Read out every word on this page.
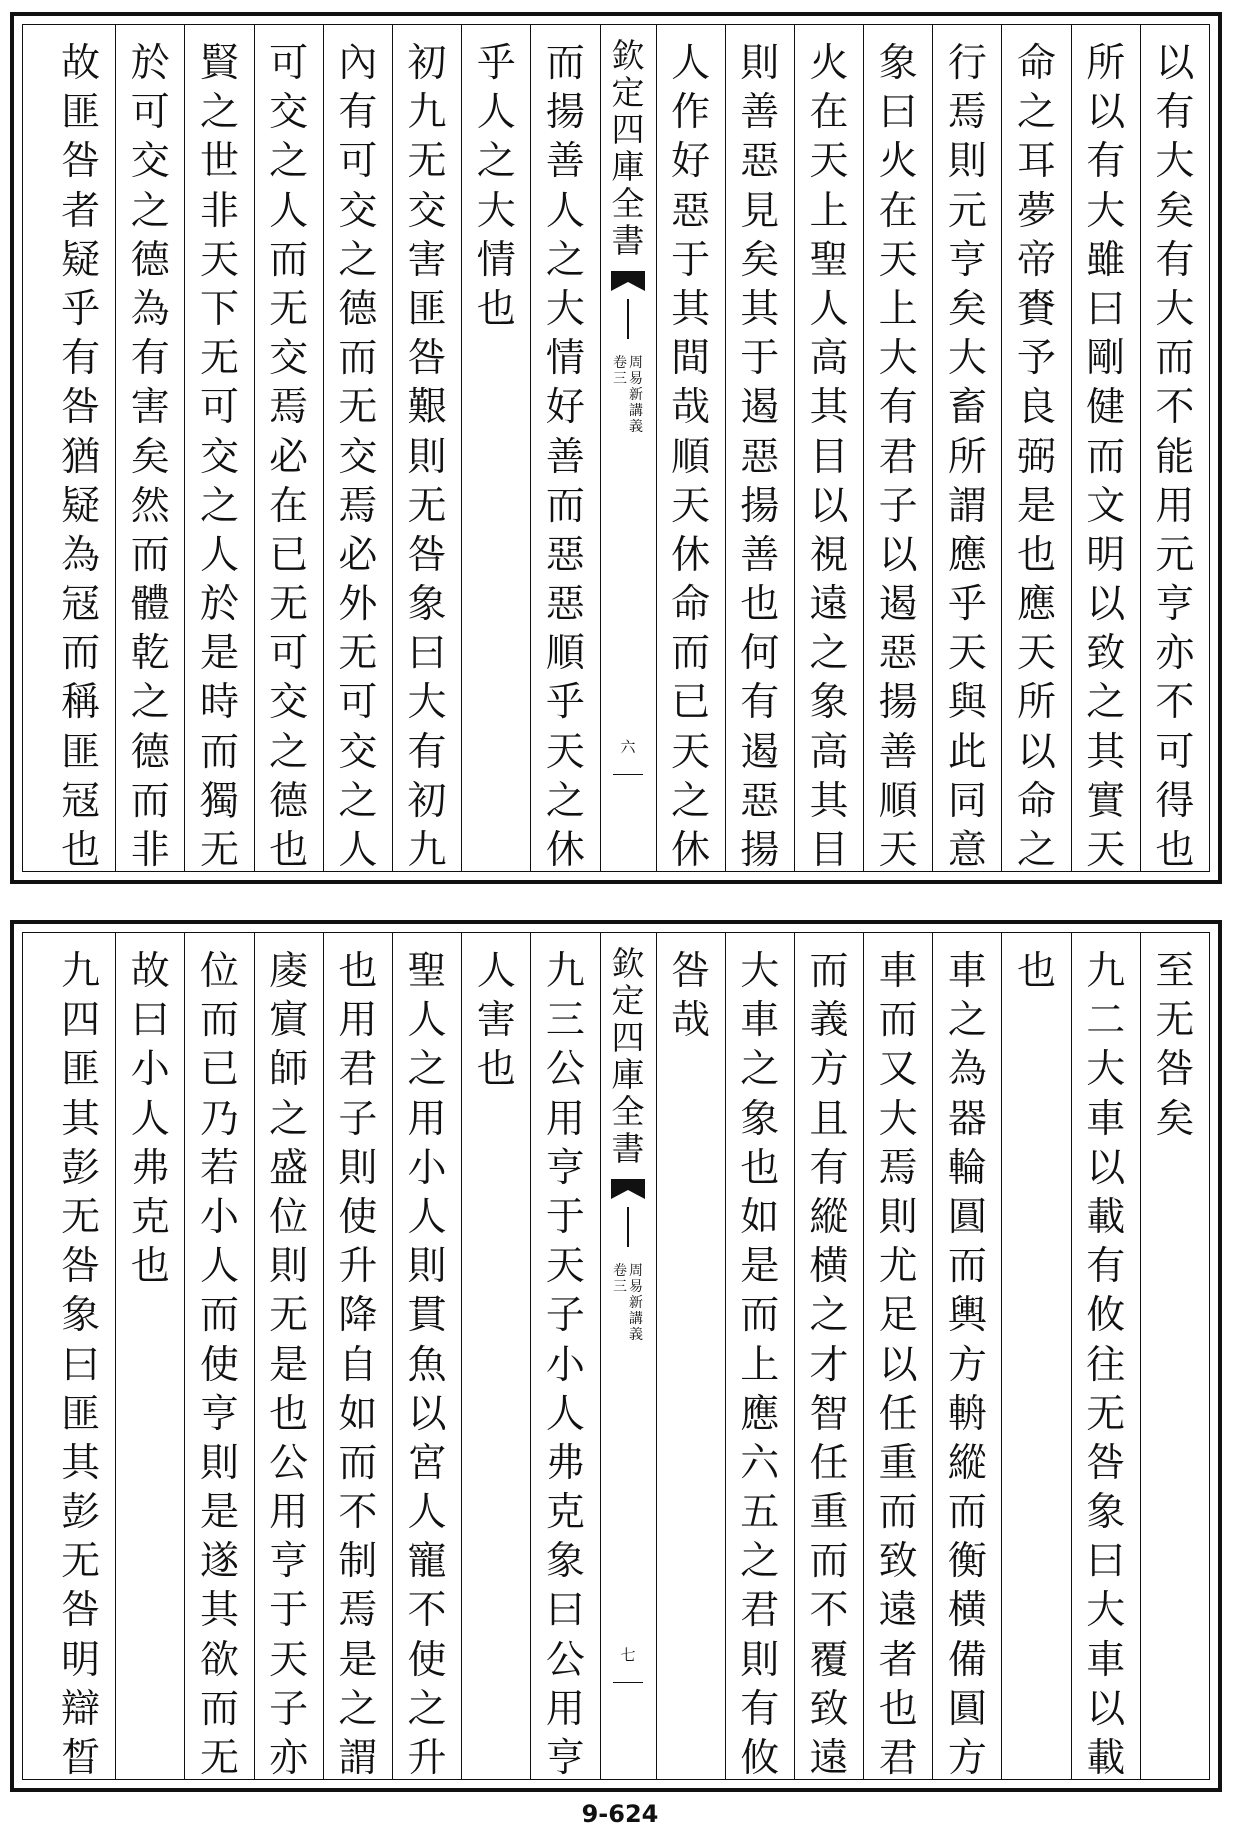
以
有
大
矣
有
大
而
不
能
用
元
亨
亦
不
可
得
也
所
以
有
大
雖
曰
剛
健
而
文
明
以
致
之
其
實
天
命
之
耳
夢
帝
賚
予
良
弼
是
也
應
天
所
以
命
之
行
焉
則
元
亨
矣
大
畜
所
謂
應
乎
天
與
此
同
意
象
曰
火
在
天
上
大
有
君
子
以
遏
惡
揚
善
順
天
火
在
天
上
聖
人
高
其
目
以
視
遠
之
象
高
其
目
則
善
惡
見
矣
其
于
遏
惡
揚
善
也
何
有
遏
惡
揚
人
作
好
惡
于
其
間
哉
順
天
休
命
而
已
天
之
休
欽
定
四
庫
全
書
周
易
新
講
義
卷
三
六
而
揚
善
人
之
大
情
好
善
而
惡
惡
順
乎
天
之
休
乎
人
之
大
情
也
初
九
无
交
害
匪
咎
艱
則
无
咎
象
曰
大
有
初
九
內
有
可
交
之
德
而
无
交
焉
必
外
无
可
交
之
人
可
交
之
人
而
无
交
焉
必
在
已
无
可
交
之
德
也
賢
之
世
非
天
下
无
可
交
之
人
於
是
時
而
獨
无
於
可
交
之
德
為
有
害
矣
然
而
體
乾
之
德
而
非
故
匪
咎
者
疑
乎
有
咎
猶
疑
為
冦
而
稱
匪
冦
也
至
无
咎
矣
九
二
大
車
以
載
有
攸
往
无
咎
象
曰
大
車
以
載
也
車
之
為
器
輪
圓
而
輿
方
輈
縱
而
衡
横
備
圓
方
車
而
又
大
焉
則
尤
足
以
任
重
而
致
遠
者
也
君
而
義
方
且
有
縱
横
之
才
智
任
重
而
不
覆
致
遠
大
車
之
象
也
如
是
而
上
應
六
五
之
君
則
有
攸
咎
哉
欽
定
四
庫
全
書
周
易
新
講
義
卷
三
七
九
三
公
用
亨
于
天
子
小
人
弗
克
象
曰
公
用
亨
人
害
也
聖
人
之
用
小
人
則
貫
魚
以
宮
人
寵
不
使
之
升
也
用
君
子
則
使
升
降
自
如
而
不
制
焉
是
之
謂
庱
賔
師
之
盛
位
則
无
是
也
公
用
亨
于
天
子
亦
位
而
已
乃
若
小
人
而
使
亨
則
是
遂
其
欲
而
无
故
曰
小
人
弗
克
也
九
四
匪
其
彭
无
咎
象
曰
匪
其
彭
无
咎
明
辯
晳
9-624
